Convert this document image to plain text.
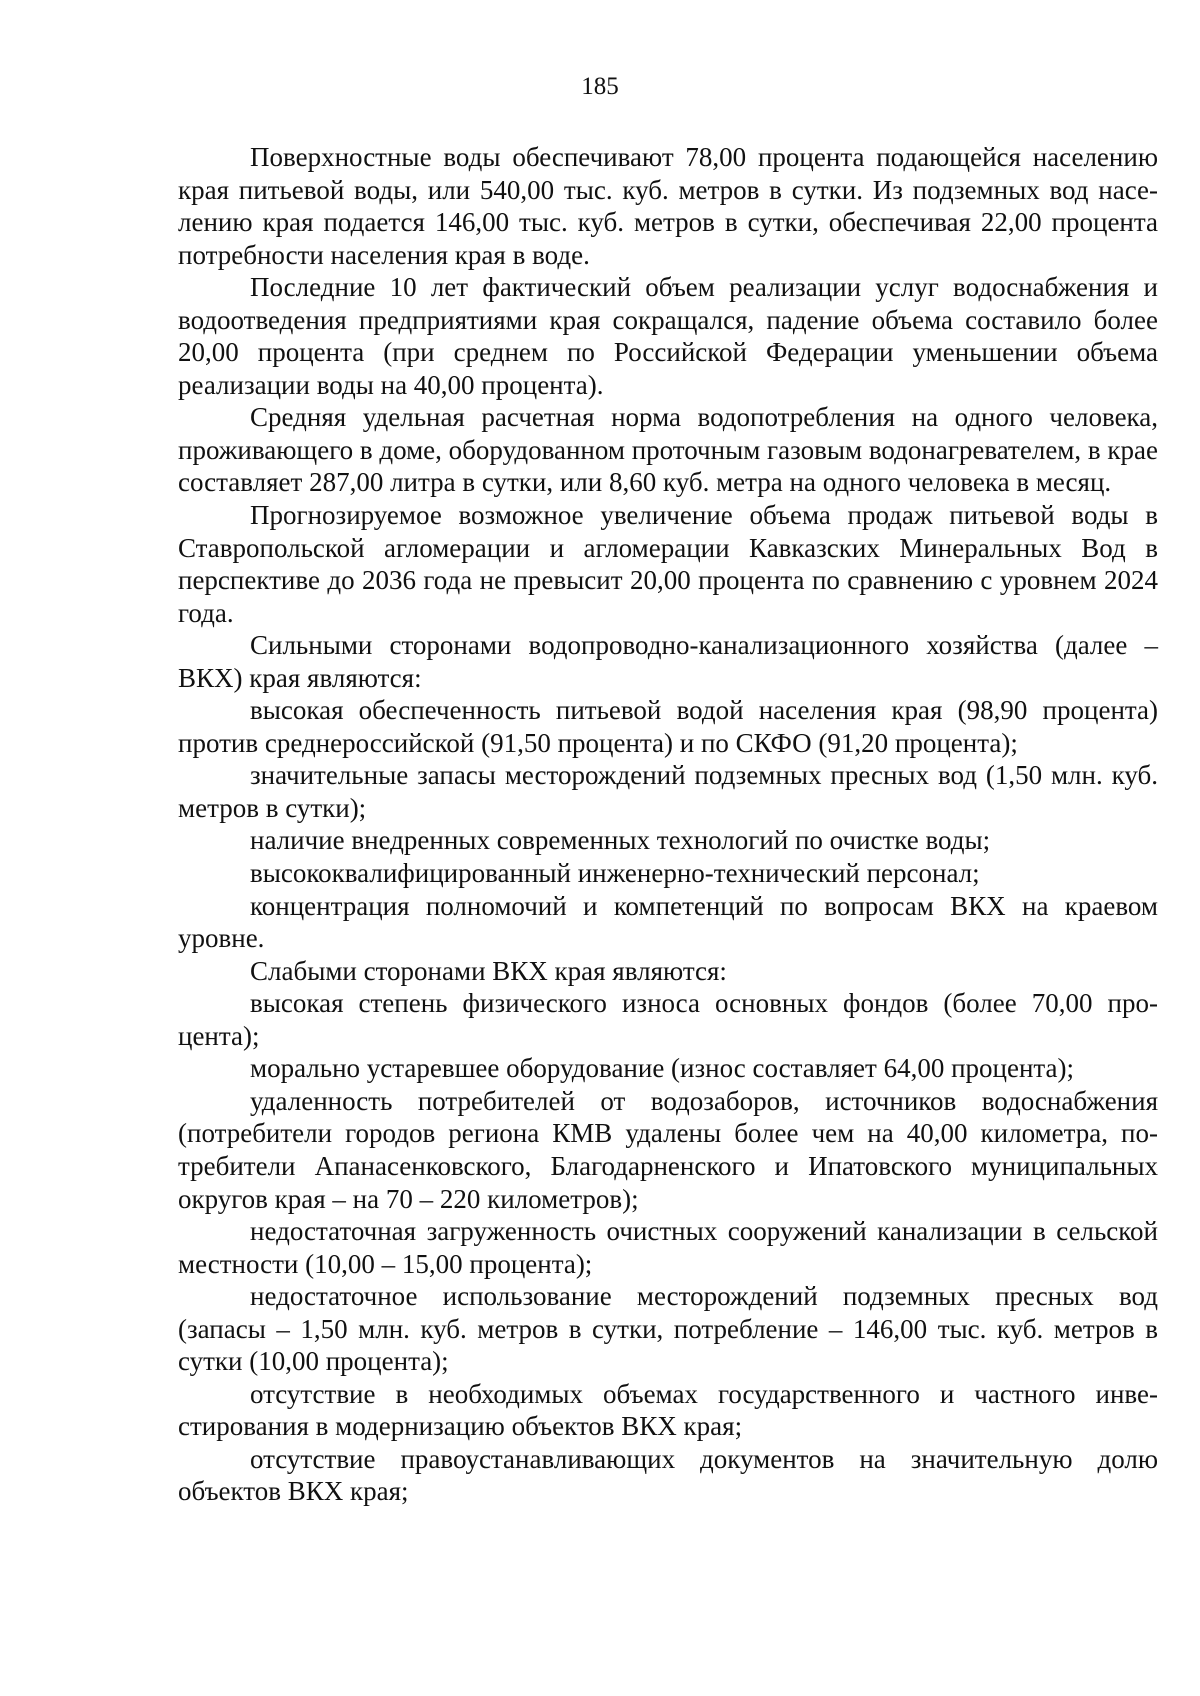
185

Поверхностные воды обеспечивают 78,00 процента подающейся населению края питьевой воды, или 540,00 тыс. куб. метров в сутки. Из подземных вод населению края подается 146,00 тыс. куб. метров в сутки, обеспечивая 22,00 процента потребности населения края в воде.

Последние 10 лет фактический объем реализации услуг водоснабжения и водоотведения предприятиями края сокращался, падение объема составило более 20,00 процента (при среднем по Российской Федерации уменьшении объема реализации воды на 40,00 процента).

Средняя удельная расчетная норма водопотребления на одного человека, проживающего в доме, оборудованном проточным газовым водонагревателем, в крае составляет 287,00 литра в сутки, или 8,60 куб. метра на одного человека в месяц.

Прогнозируемое возможное увеличение объема продаж питьевой воды в Ставропольской агломерации и агломерации Кавказских Минеральных Вод в перспективе до 2036 года не превысит 20,00 процента по сравнению с уровнем 2024 года.

Сильными сторонами водопроводно-канализационного хозяйства (далее – ВКХ) края являются:

высокая обеспеченность питьевой водой населения края (98,90 процента) против среднероссийской (91,50 процента) и по СКФО (91,20 процента);

значительные запасы месторождений подземных пресных вод (1,50 млн. куб. метров в сутки);

наличие внедренных современных технологий по очистке воды;

высококвалифицированный инженерно-технический персонал;

концентрация полномочий и компетенций по вопросам ВКХ на краевом уровне.

Слабыми сторонами ВКХ края являются:

высокая степень физического износа основных фондов (более 70,00 процента);

морально устаревшее оборудование (износ составляет 64,00 процента);

удаленность потребителей от водозаборов, источников водоснабжения (потребители городов региона КМВ удалены более чем на 40,00 километра, потребители Апанасенковского, Благодарненского и Ипатовского муниципальных округов края – на 70 – 220 километров);

недостаточная загруженность очистных сооружений канализации в сельской местности (10,00 – 15,00 процента);

недостаточное использование месторождений подземных пресных вод (запасы – 1,50 млн. куб. метров в сутки, потребление – 146,00 тыс. куб. метров в сутки (10,00 процента);

отсутствие в необходимых объемах государственного и частного инвестирования в модернизацию объектов ВКХ края;

отсутствие правоустанавливающих документов на значительную долю объектов ВКХ края;
